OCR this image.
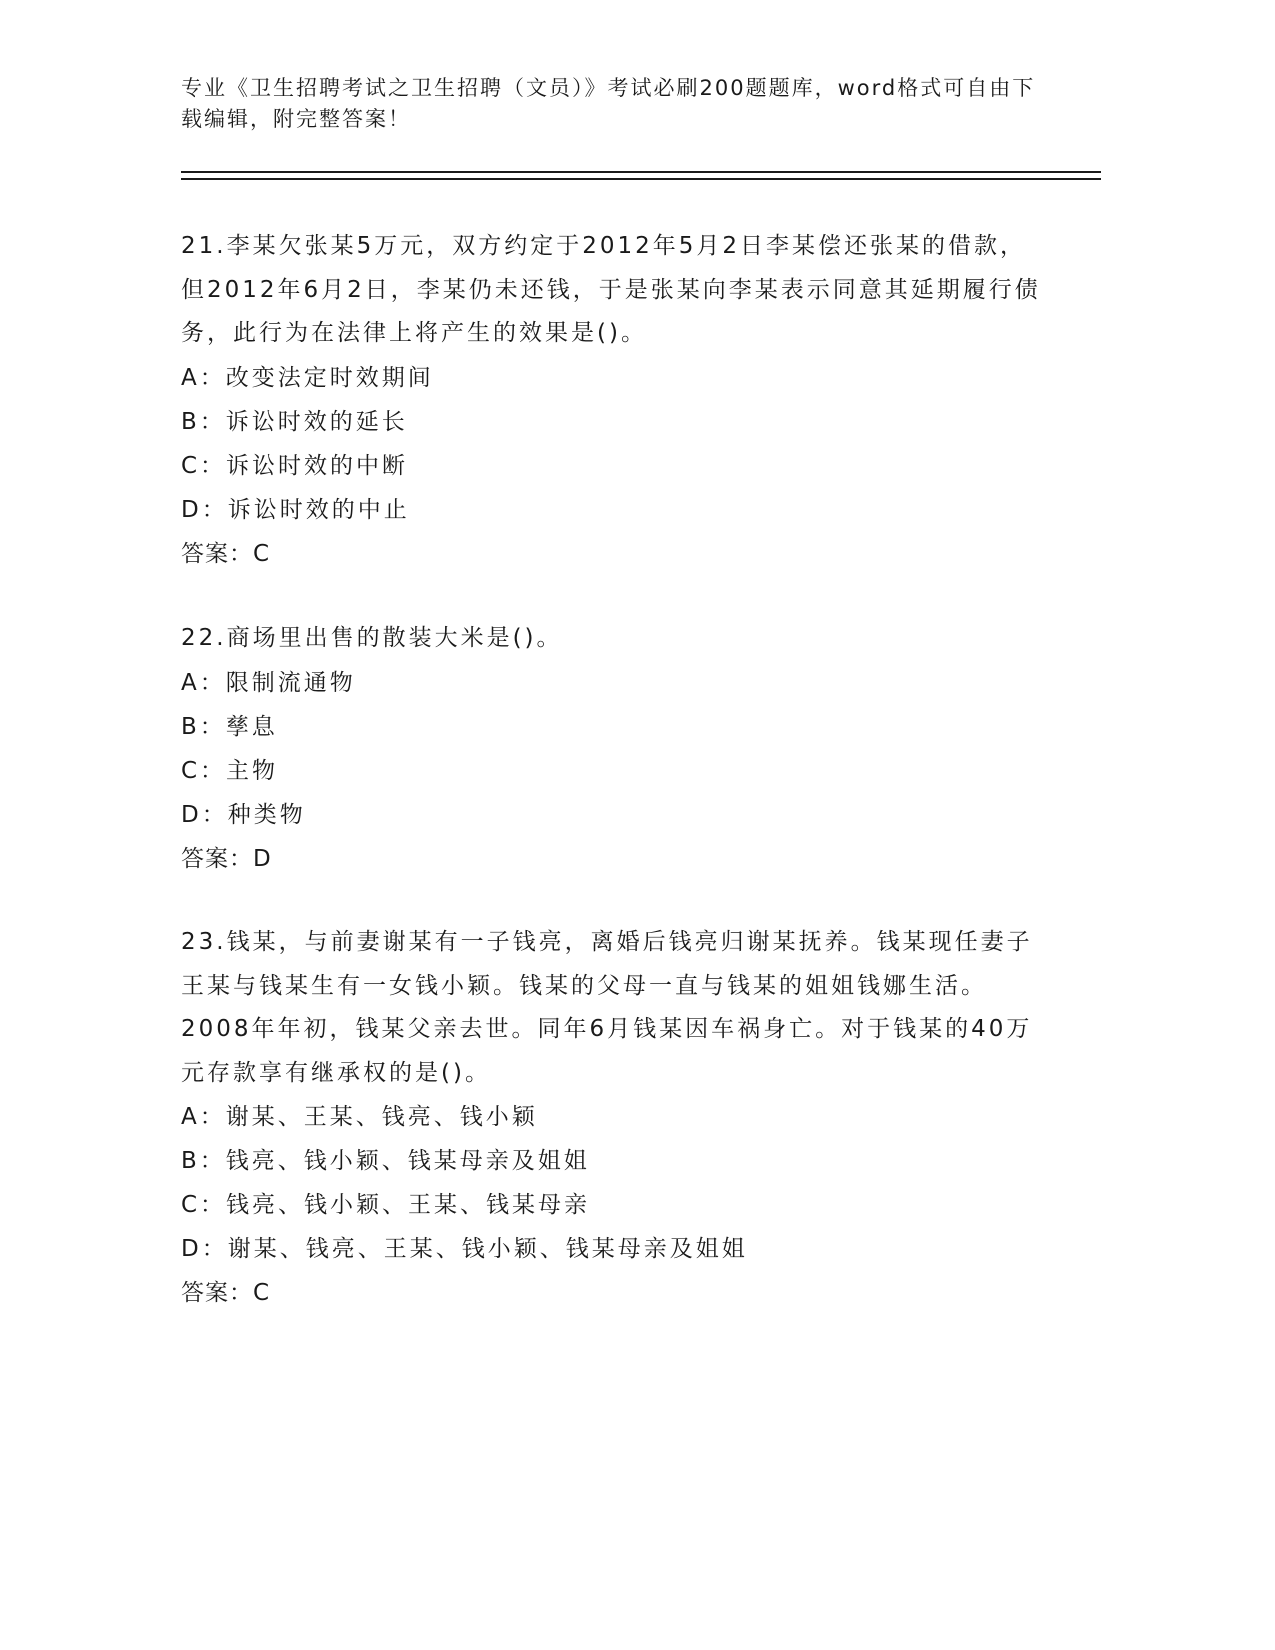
专业《卫生招聘考试之卫生招聘（文员）》考试必刷200题题库，word格式可自由下载编辑，附完整答案！
21.李某欠张某5万元，双方约定于2012年5月2日李某偿还张某的借款，但2012年6月2日，李某仍未还钱，于是张某向李某表示同意其延期履行债务，此行为在法律上将产生的效果是()。
A：改变法定时效期间
B：诉讼时效的延长
C：诉讼时效的中断
D：诉讼时效的中止
答案：C
22.商场里出售的散装大米是()。
A：限制流通物
B：孳息
C：主物
D：种类物
答案：D
23.钱某，与前妻谢某有一子钱亮，离婚后钱亮归谢某抚养。钱某现任妻子王某与钱某生有一女钱小颖。钱某的父母一直与钱某的姐姐钱娜生活。2008年年初，钱某父亲去世。同年6月钱某因车祸身亡。对于钱某的40万元存款享有继承权的是()。
A：谢某、王某、钱亮、钱小颖
B：钱亮、钱小颖、钱某母亲及姐姐
C：钱亮、钱小颖、王某、钱某母亲
D：谢某、钱亮、王某、钱小颖、钱某母亲及姐姐
答案：C
